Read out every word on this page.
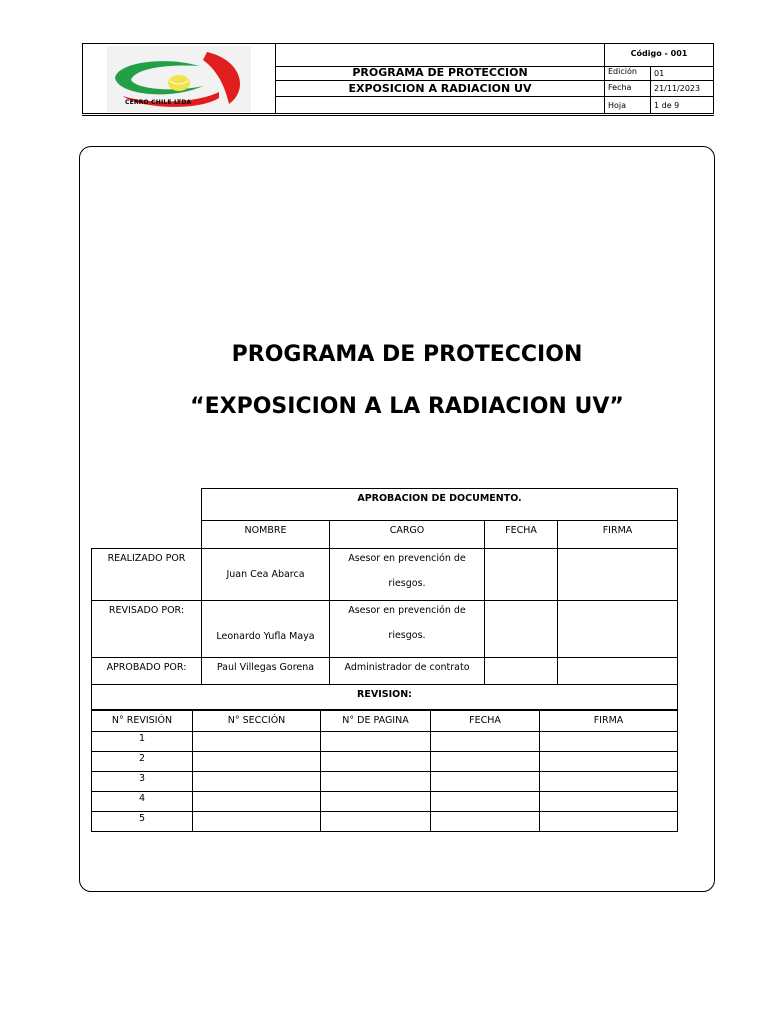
CERRO CHILE LTDA
PROGRAMA DE PROTECCION
EXPOSICION A RADIACION UV
Código - 001
Edición 01
Fecha	21/11/2023
Hoja	1 de 9
PROGRAMA DE PROTECCION
“EXPOSICION A LA RADIACION UV”
	APROBACION DE DOCUMENTO.			
	NOMBRE	CARGO	FECHA	FIRMA
REALIZADO POR	Juan Cea Abarca	Asesor en prevención de
riesgos.		

REVISADO POR:	Leonardo Yufla Maya	Asesor en prevención de
riesgos.		

APROBADO POR:	Paul Villegas Gorena	Administrador de contrato		
REVISION:				
N° REVISIÓN	N° SECCIÓN	N° DE PAGINA	FECHA	FIRMA
1				
2				
3				
4				
5				
